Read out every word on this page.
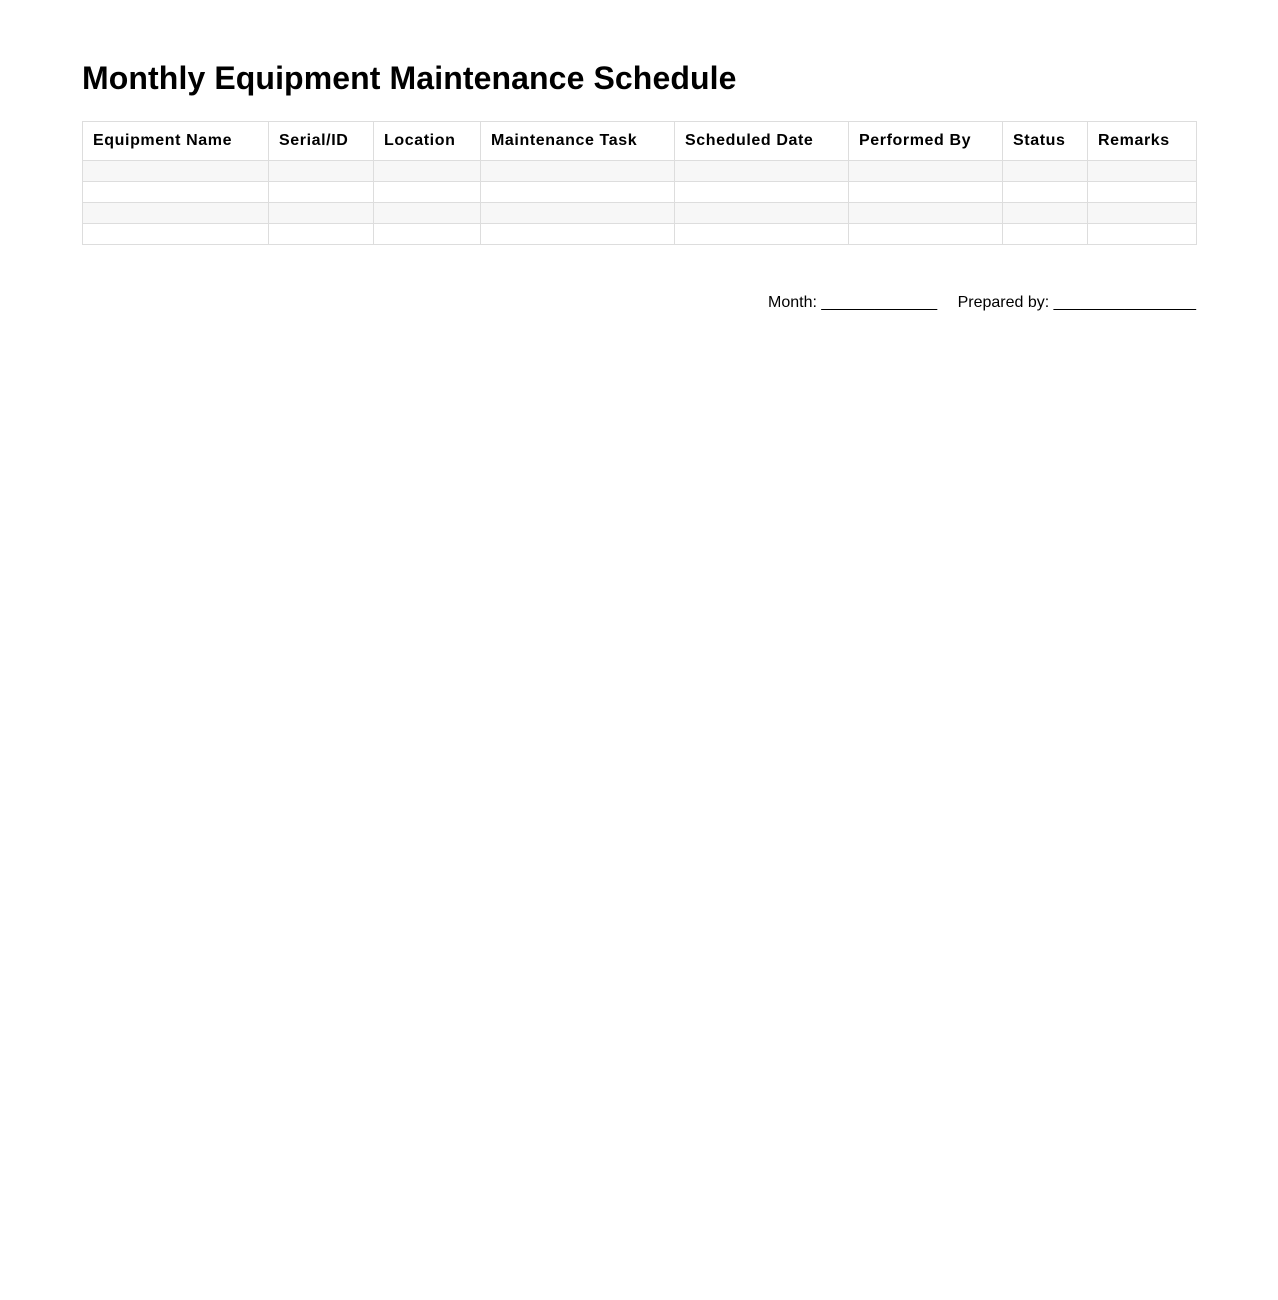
Monthly Equipment Maintenance Schedule
Equipment Name	Serial/ID	Location	Maintenance Task	Scheduled Date	Performed By	Status	Remarks

Month: _____________ Prepared by: ________________
